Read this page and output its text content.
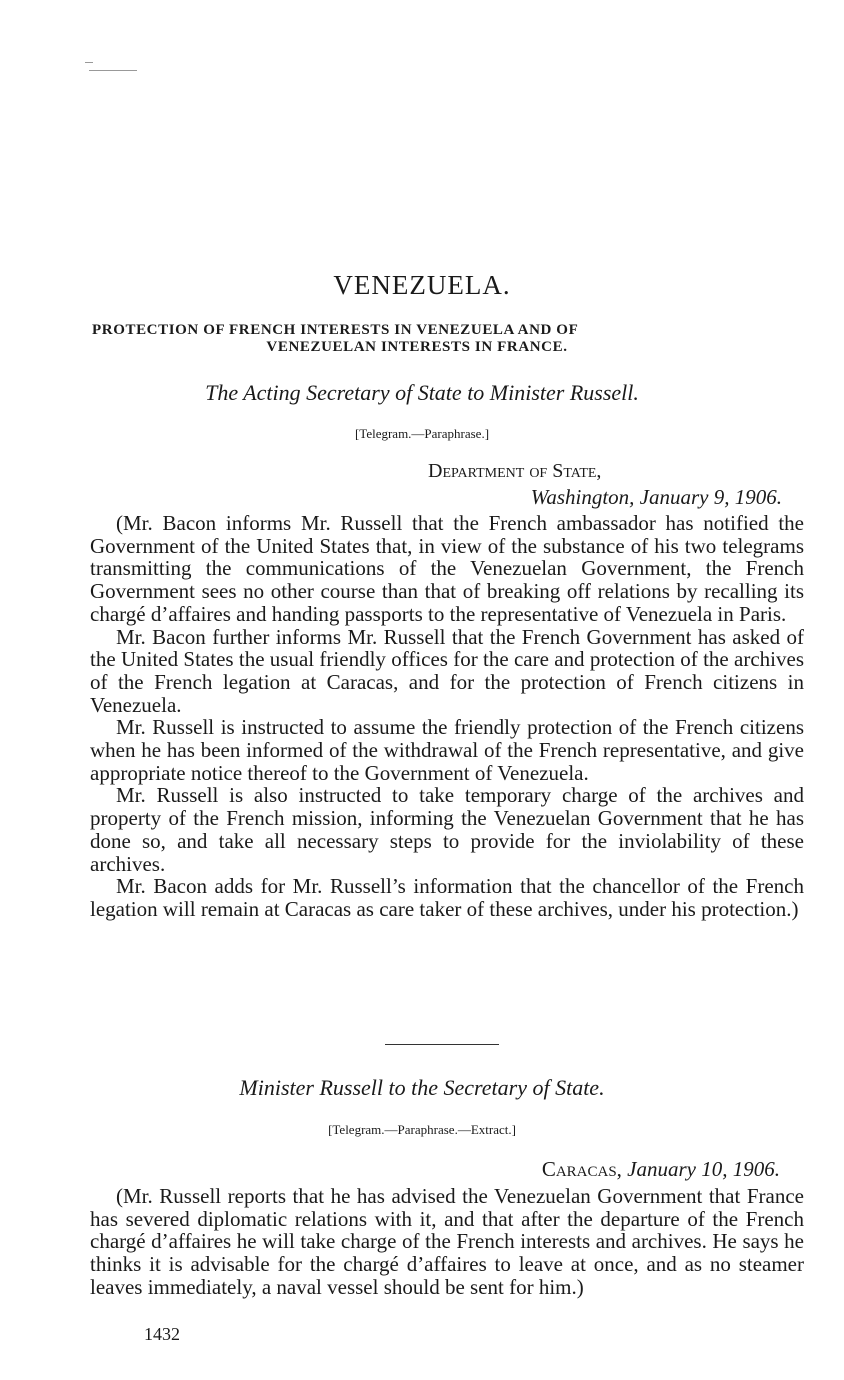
VENEZUELA.
PROTECTION OF FRENCH INTERESTS IN VENEZUELA AND OF
VENEZUELAN INTERESTS IN FRANCE.
The Acting Secretary of State to Minister Russell.
[Telegram.—Paraphrase.]
Department of State,
Washington, January 9, 1906.

(Mr. Bacon informs Mr. Russell that the French ambassador has notified the Government of the United States that, in view of the substance of his two telegrams transmitting the communications of the Venezuelan Government, the French Government sees no other course than that of breaking off relations by recalling its chargé d’affaires and handing passports to the representative of Venezuela in Paris.

Mr. Bacon further informs Mr. Russell that the French Government has asked of the United States the usual friendly offices for the care and protection of the archives of the French legation at Caracas, and for the protection of French citizens in Venezuela.

Mr. Russell is instructed to assume the friendly protection of the French citizens when he has been informed of the withdrawal of the French representative, and give appropriate notice thereof to the Government of Venezuela.

Mr. Russell is also instructed to take temporary charge of the archives and property of the French mission, informing the Venezuelan Government that he has done so, and take all necessary steps to provide for the inviolability of these archives.

Mr. Bacon adds for Mr. Russell’s information that the chancellor of the French legation will remain at Caracas as care taker of these archives, under his protection.)

Minister Russell to the Secretary of State.
[Telegram.—Paraphrase.—Extract.]
Caracas, January 10, 1906.

(Mr. Russell reports that he has advised the Venezuelan Government that France has severed diplomatic relations with it, and that after the departure of the French chargé d’affaires he will take charge of the French interests and archives. He says he thinks it is advisable for the chargé d’affaires to leave at once, and as no steamer leaves immediately, a naval vessel should be sent for him.)

1432
